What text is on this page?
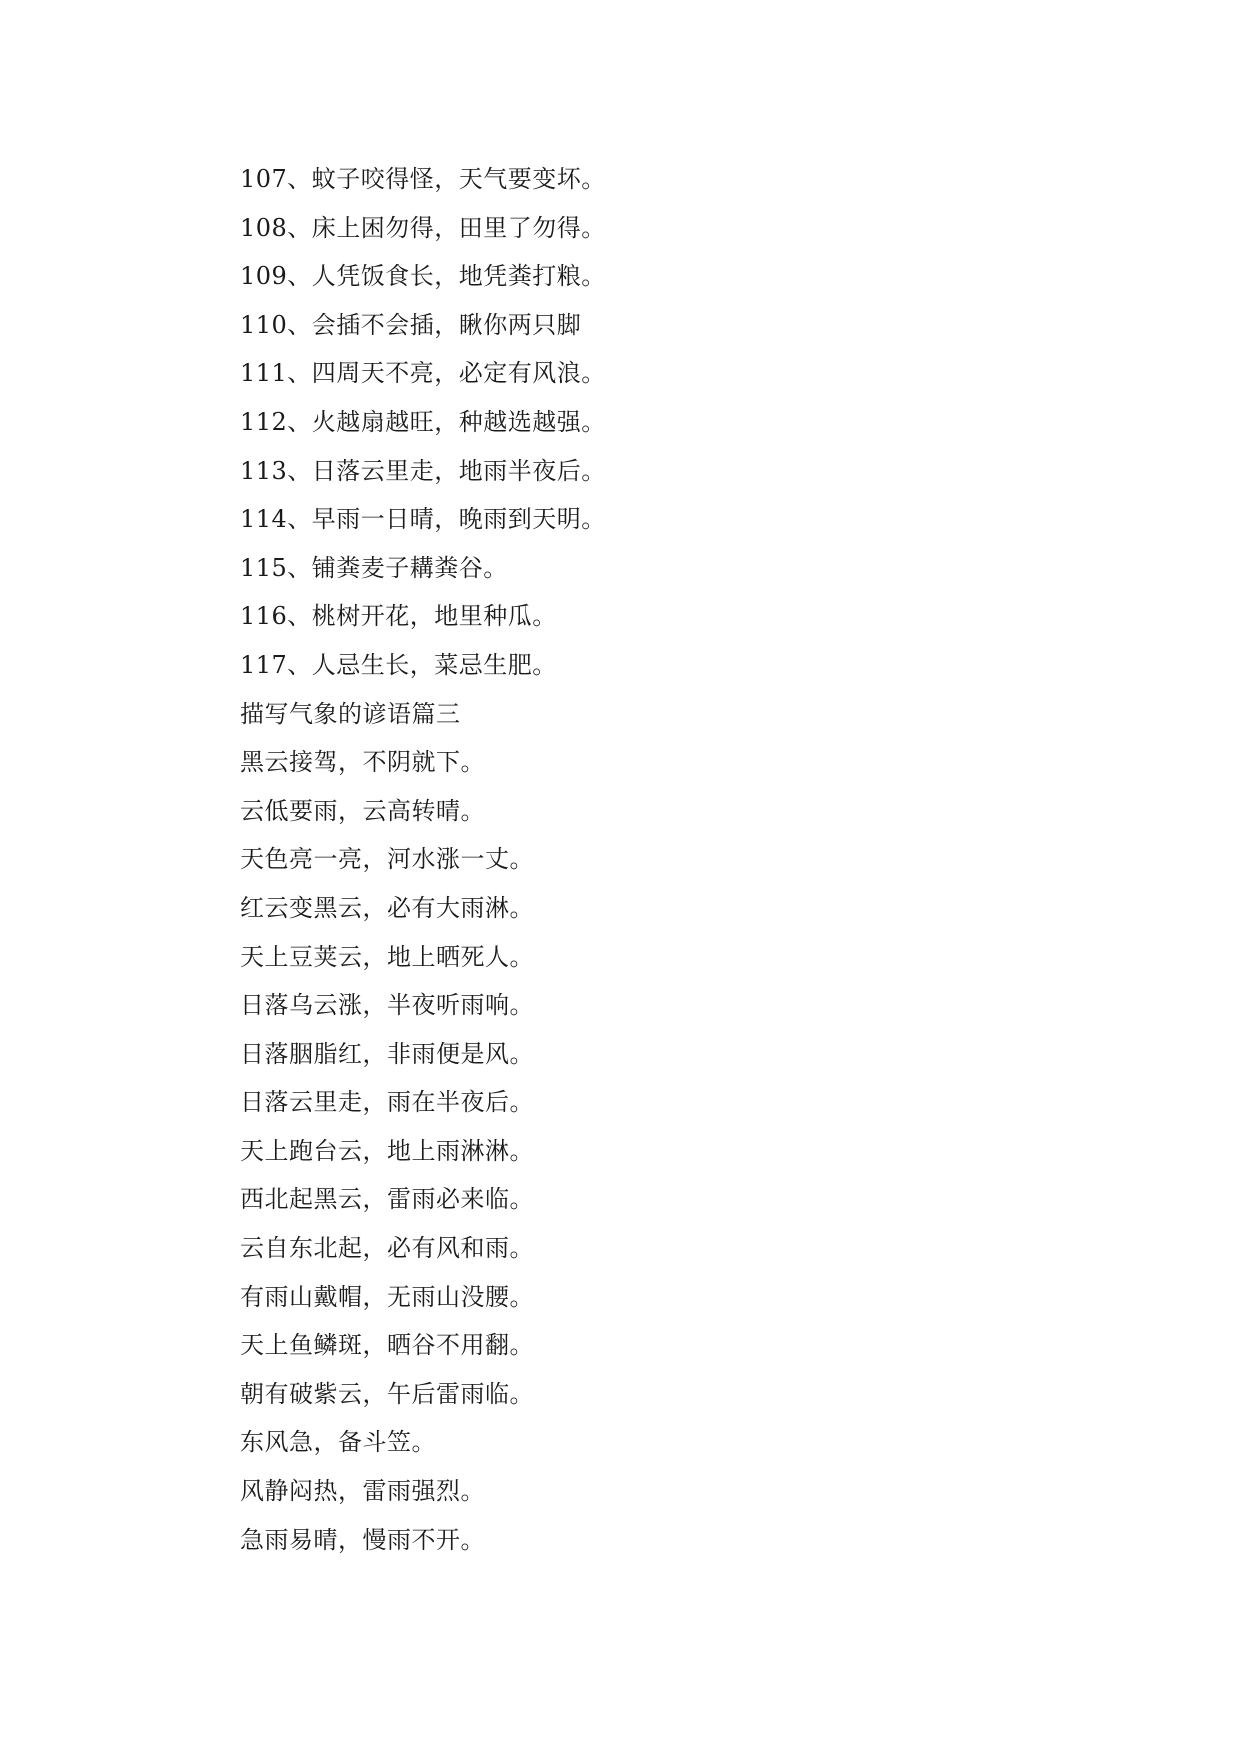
107、蚊子咬得怪，天气要变坏。
108、床上困勿得，田里了勿得。
109、人凭饭食长，地凭粪打粮。
110、会插不会插，瞅你两只脚
111、四周天不亮，必定有风浪。
112、火越扇越旺，种越选越强。
113、日落云里走，地雨半夜后。
114、早雨一日晴，晚雨到天明。
115、铺粪麦子耩粪谷。
116、桃树开花，地里种瓜。
117、人忌生长，菜忌生肥。
描写气象的谚语篇三
黑云接驾，不阴就下。
云低要雨，云高转晴。
天色亮一亮，河水涨一丈。
红云变黑云，必有大雨淋。
天上豆荚云，地上晒死人。
日落乌云涨，半夜听雨响。
日落胭脂红，非雨便是风。
日落云里走，雨在半夜后。
天上跑台云，地上雨淋淋。
西北起黑云，雷雨必来临。
云自东北起，必有风和雨。
有雨山戴帽，无雨山没腰。
天上鱼鳞斑，晒谷不用翻。
朝有破紫云，午后雷雨临。
东风急，备斗笠。
风静闷热，雷雨强烈。
急雨易晴，慢雨不开。
